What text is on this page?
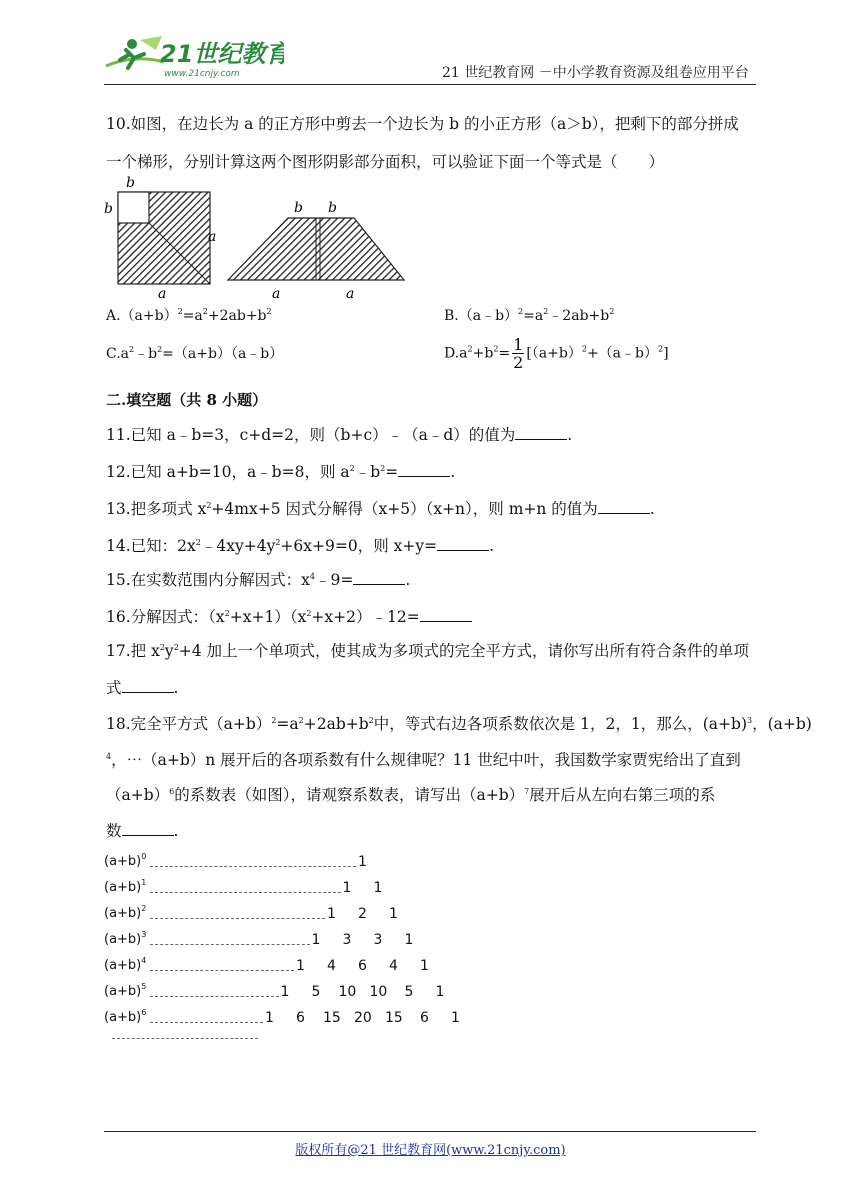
21世纪教育
www.21cnjy.com	21 世纪教育网 －中小学教育资源及组卷应用平台
10.如图，在边长为 a 的正方形中剪去一个边长为 b 的小正方形（a＞b），把剩下的部分拼成
一个梯形，分别计算这两个图形阴影部分面积，可以验证下面一个等式是（　　）
b
b
a
a
b b
a	a
$A.(a+b)^2=a^2+2ab+b^2$	$B.(a﹣b)^2=a^2﹣2ab+b^2$
$C.a^2﹣b^2=(a+b)(a﹣b)$	$D.a^2+b^2= \frac{1}{2}$ $[(a+b)^2+(a﹣b)^2]$
二.填空题（共 8 小题）
11.已知 a﹣b=3，c+d=2，则（b+c）﹣（a﹣d）的值为	.
12.已知 a+b=10，a﹣b=8，则 $a^2﹣b^2=$	.
13.把多项式 $x^2+4mx+5$ 因式分解得（x+5）（x+n），则 m+n 的值为	.
14.已知：$2x^2﹣4xy+4y^2+6x+9=0$，则 x+y=	.
15.在实数范围内分解因式：$x^4﹣9=$	.
16.分解因式：$(x^2+x+1)(x^2+x+2)﹣12=$
17.把 $x^2y^2+4$ 加上一个单项式，使其成为多项式的完全平方式，请你写出所有符合条件的单项
式	.
18.完全平方式$(a+b)^2=a^2+2ab+b^2$中，等式右边各项系数依次是 1，2，1，那么，$(a+b)^3$，(a+b)
$^4$，⋯（a+b）n 展开后的各项系数有什么规律呢？11 世纪中叶，我国数学家贾宪给出了直到
$(a+b)^6$的系数表（如图），请观察系数表，请写出$(a+b)^7$展开后从左向右第三项的系
数	.
$(a+b)^0$	1
$(a+b)^1$	1 1
$(a+b)^2$	1 2 1
$(a+b)^3$	1 3 3 1
$(a+b)^4$	1 4 6 4 1
$(a+b)^5$	1 5 10 10 5 1
$(a+b)^6$	1 6 15 20 15 6 1
版权所有@21 世纪教育网(www.21cnjy.com)
